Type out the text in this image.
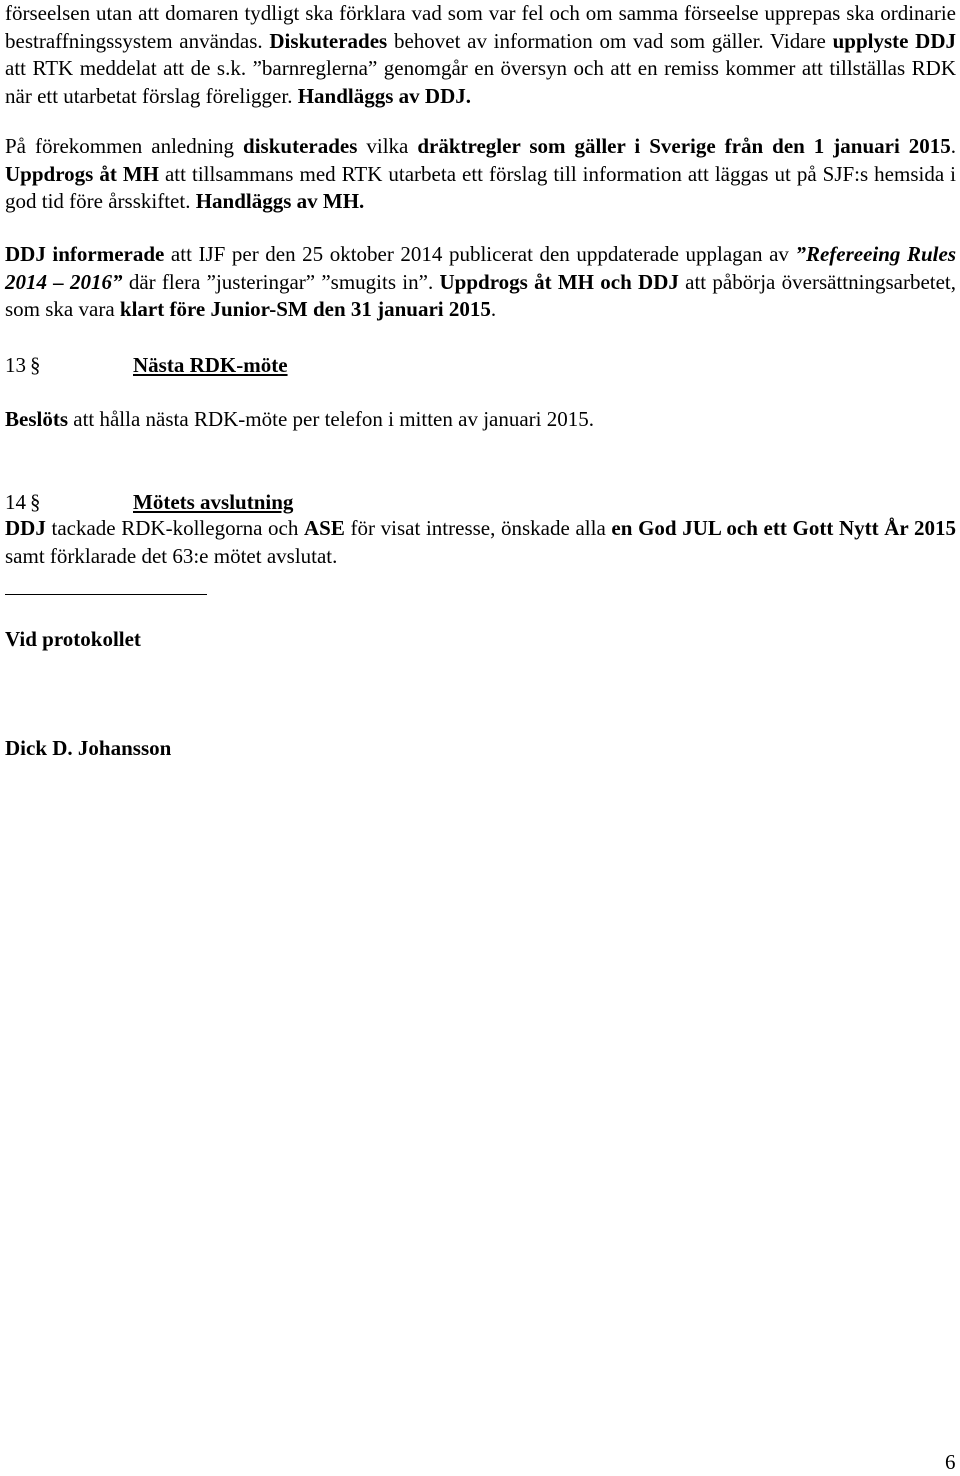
förseelsen utan att domaren tydligt ska förklara vad som var fel och om samma förseelse upprepas ska ordinarie bestraffningssystem användas. Diskuterades behovet av information om vad som gäller. Vidare upplyste DDJ att RTK meddelat att de s.k. ”barnreglerna” genomgår en översyn och att en remiss kommer att tillställas RDK när ett utarbetat förslag föreligger. Handläggs av DDJ.

På förekommen anledning diskuterades vilka dräktregler som gäller i Sverige från den 1 januari 2015. Uppdrogs åt MH att tillsammans med RTK utarbeta ett förslag till information att läggas ut på SJF:s hemsida i god tid före årsskiftet. Handläggs av MH.

DDJ informerade att IJF per den 25 oktober 2014 publicerat den uppdaterade upplagan av ”Refereeing Rules 2014 – 2016” där flera ”justeringar” ”smugits in”. Uppdrogs åt MH och DDJ att påbörja översättningsarbetet, som ska vara klart före Junior-SM den 31 januari 2015.

13 §	Nästa RDK-möte

Beslöts att hålla nästa RDK-möte per telefon i mitten av januari 2015.

14 §	Mötets avslutning

DDJ tackade RDK-kollegorna och ASE för visat intresse, önskade alla en God JUL och ett Gott Nytt År 2015 samt förklarade det 63:e mötet avslutat.

Vid protokollet

Dick D. Johansson

6
